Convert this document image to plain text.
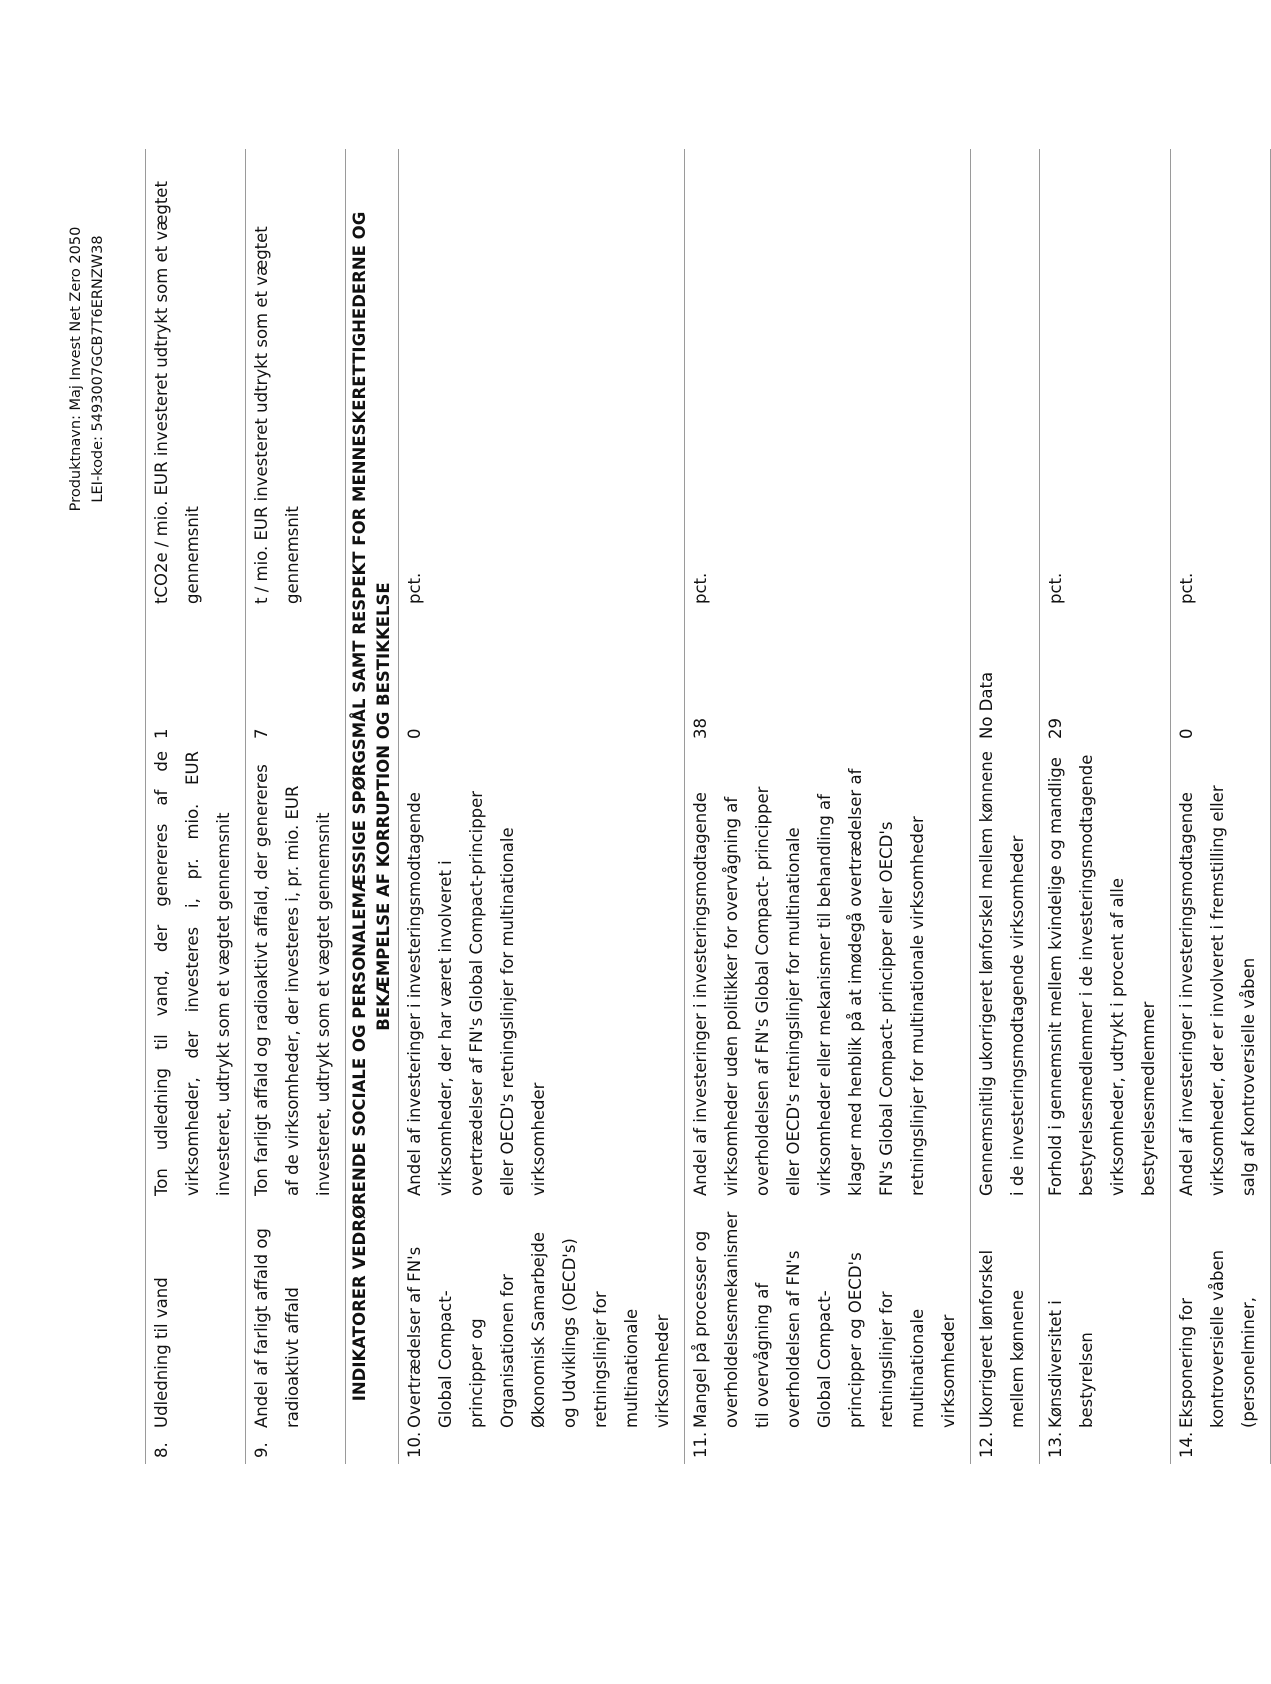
Produktnavn: Maj Invest Net Zero 2050 LEI-kode: 5493007GCB7T6ERNZW38
8.
Udledning til vand	Ton udledning til vand, der genereres af de virksomheder, der investeres i, pr. mio. EUR investeret, udtrykt som et vægtet gennemsnit	1	tCO2e / mio. EUR investeret udtrykt som et vægtet gennemsnit

9.
Andel af farligt affald og radioaktivt affald	Ton farligt affald og radioaktivt affald, der genereres af de virksomheder, der investeres i, pr. mio. EUR investeret, udtrykt som et vægtet gennemsnit	7	t / mio. EUR investeret udtrykt som et vægtet gennemsnit
INDIKATORER VEDRØRENDE SOCIALE OG PERSONALEMÆSSIGE SPØRGSMÅL SAMT RESPEKT FOR MENNESKERETTIGHEDERNE OG BEKÆMPELSE AF KORRUPTION OG BESTIKKELSE			

10.
Overtrædelser af FN's Global Compact-principper og Organisationen for Økonomisk Samarbejde og Udviklings (OECD's) retningslinjer for multinationale virksomheder	Andel af investeringer i investeringsmodtagende virksomheder, der har været involveret i overtrædelser af FN's Global Compact-principper eller OECD's retningslinjer for multinationale virksomheder	0	pct.

11.
Mangel på processer og overholdelsesmekanismer til overvågning af overholdelsen af FN's Global Compact-principper og OECD's retningslinjer for multinationale virksomheder	Andel af investeringer i investeringsmodtagende virksomheder uden politikker for overvågning af overholdelsen af FN's Global Compact- principper eller OECD's retningslinjer for multinationale virksomheder eller mekanismer til behandling af klager med henblik på at imødegå overtrædelser af FN's Global Compact- principper eller OECD's retningslinjer for multinationale virksomheder	38	pct.

12.
Ukorrigeret lønforskel mellem kønnene	Gennemsnitlig ukorrigeret lønforskel mellem kønnene i de investeringsmodtagende virksomheder	No Data	

13.
Kønsdiversitet i bestyrelsen	Forhold i gennemsnit mellem kvindelige og mandlige bestyrelsesmedlemmer i de investeringsmodtagende virksomheder, udtrykt i procent af alle bestyrelsesmedlemmer	29	pct.

14.
Eksponering for kontroversielle våben (personelminer,	Andel af investeringer i investeringsmodtagende virksomheder, der er involveret i fremstilling eller salg af kontroversielle våben	0	pct.
